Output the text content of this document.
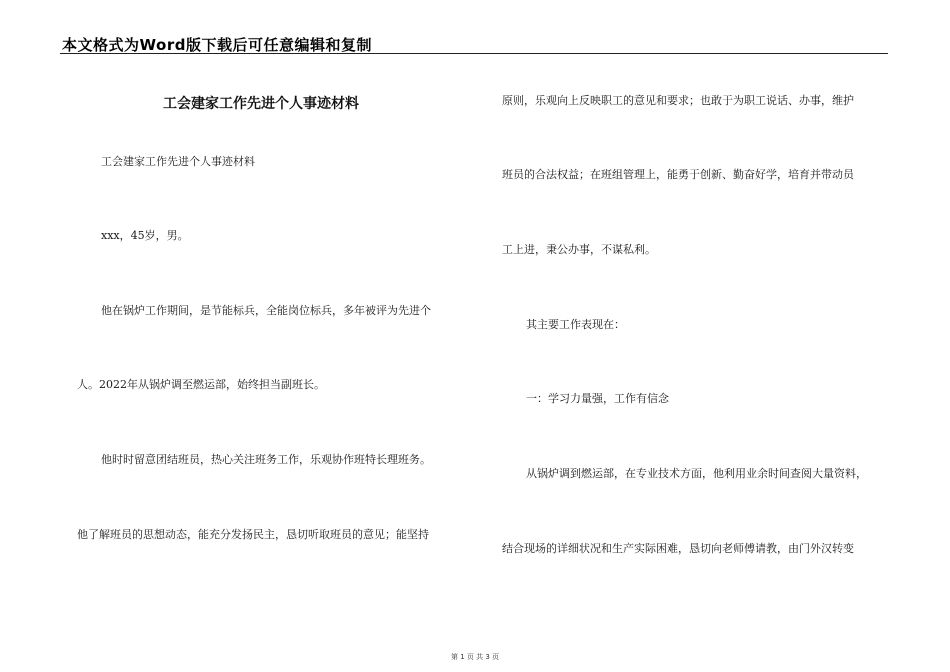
本文格式为Word版下载后可任意编辑和复制
工会建家工作先进个人事迹材料
工会建家工作先进个人事迹材料
xxx，45岁，男。
他在锅炉工作期间，是节能标兵，全能岗位标兵，多年被评为先进个
人。2022年从锅炉调至燃运部，始终担当副班长。
他时时留意团结班员，热心关注班务工作，乐观协作班特长理班务。
他了解班员的思想动态，能充分发扬民主，恳切听取班员的意见；能坚持
原则，乐观向上反映职工的意见和要求；也敢于为职工说话、办事，维护
班员的合法权益；在班组管理上，能勇于创新、勤奋好学，培育并带动员
工上进，秉公办事，不谋私利。
其主要工作表现在：
一：学习力量强，工作有信念
从锅炉调到燃运部，在专业技术方面，他利用业余时间查阅大量资料，
结合现场的详细状况和生产实际困难，恳切向老师傅请教，由门外汉转变
第 1 页 共 3 页
